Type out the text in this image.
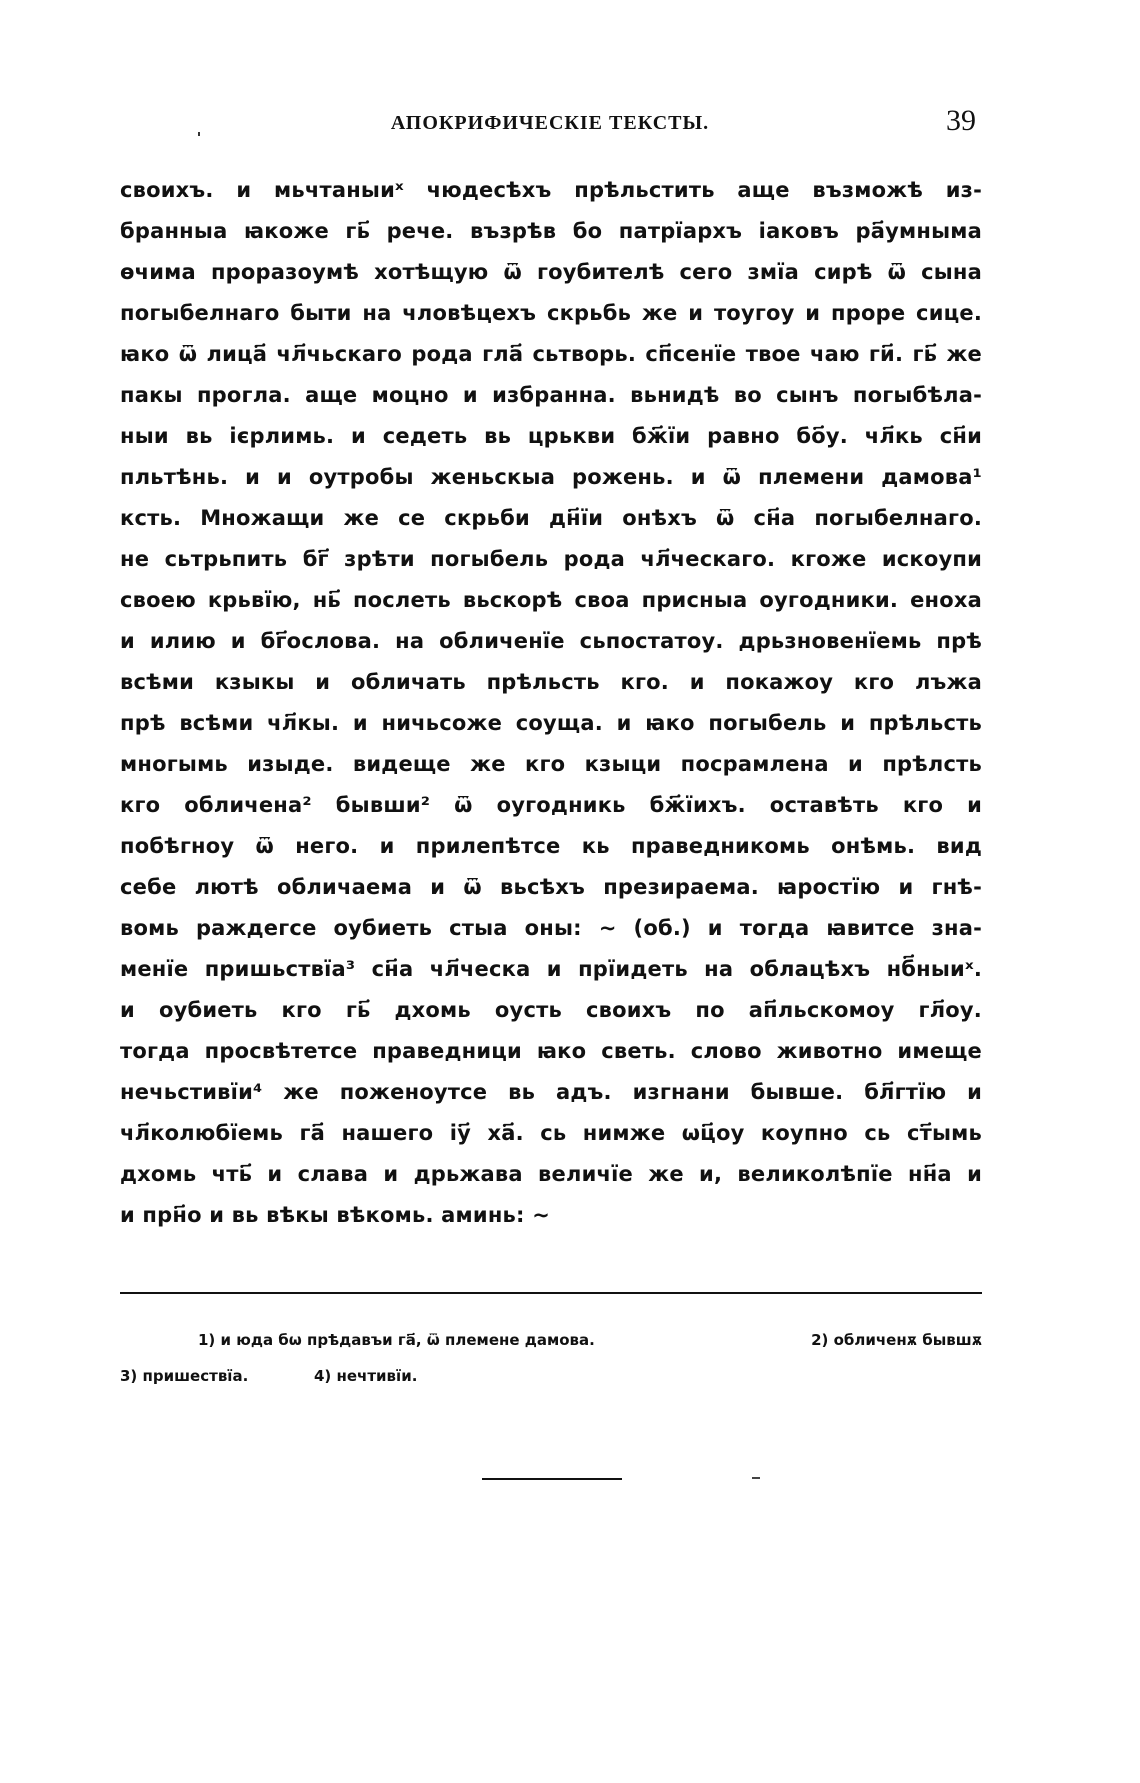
АПОКРИФИЧЕСКІЕ ТЕКСТЫ.	39
своихъ. и мьчтаныиˣ чюдесѣхъ прѣльстить аще възможѣ из-
бранныа ꙗкоже гь҃ рече. възрѣв бо патрїархъ іаковъ ра҃умныма
ѳчима проразоумѣ хотѣщую ѿ гоубителѣ сего змїа сирѣ ѿ сына
погыбелнаго быти на чловѣцехъ скрьбь же и тоугоу и проре сице.
ꙗко ѿ лица҃ чл҃чьскаго рода гла҃ сьтворь. сп҃сенїе твое чаю ги҃. гь҃ же
пакы прогла. аще моцно и избранна. вьнидѣ во сынъ погыбѣла-
ныи вь ієрлимь. и седеть вь црькви бж҃їи равно бо҃у. чл҃кь сн҃и
пльтѣнь. и и оутробы женьскыа рожень. и ѿ племени дамова¹
ксть. Множащи же се скрьби дн҃їи онѣхъ ѿ сн҃а погыбелнаго.
не сьтрьпить бг҃ зрѣти погыбель рода чл҃ческаго. кгоже искоупи
своею крьвїю, нь҃ послеть вьскорѣ своа присныа оугодники. еноха
и илию и бг҃ослова. на обличенїе сьпостатоу. дрьзновенїемь прѣ
всѣми кзыкы и обличать прѣльсть кго. и покажоу кго лъжа
прѣ всѣми чл҃кы. и ничьсоже соуща. и ꙗко погыбель и прѣльсть
многымь изыде. видеще же кго кзыци посрамлена и прѣлсть
кго обличена² бывши² ѿ оугодникь бж҃їихъ. оставѣть кго и
побѣгноу ѿ него. и прилепѣтсе кь праведникомь онѣмь. вид
себе лютѣ обличаема и ѿ вьсѣхъ презираема. ꙗростїю и гнѣ-
вомь раждегсе оубиеть стыа оны: ∼ (об.) и тогда ꙗвитсе зна-
менїе пришьствїа³ сн҃а чл҃ческа и прїидеть на облацѣхъ нб҃ныиˣ.
и оубиеть кго гь҃ дхомь оусть своихъ по ап҃льскомоу гл҃оу.
тогда просвѣтетсе праведници ꙗко светь. слово животно имеще
нечьстивїи⁴ же поженоутсе вь адъ. изгнани бывше. бл҃гтїю и
чл҃колюбїемь га҃ нашего іу҃ ха҃. сь нимже ѡц҃оу коупно сь ст҃ымь
дхомь чть҃ и слава и дрьжава величїе же и, великолѣпїе нн҃а и
и прн҃о и вь вѣкы вѣкомь. аминь: ∼
1) и юда бѡ прѣдавъи га҃, ѿ племене дамова.	2) обличенѫ бывшѫ
3) пришествїа.	4) нечтивїи.
